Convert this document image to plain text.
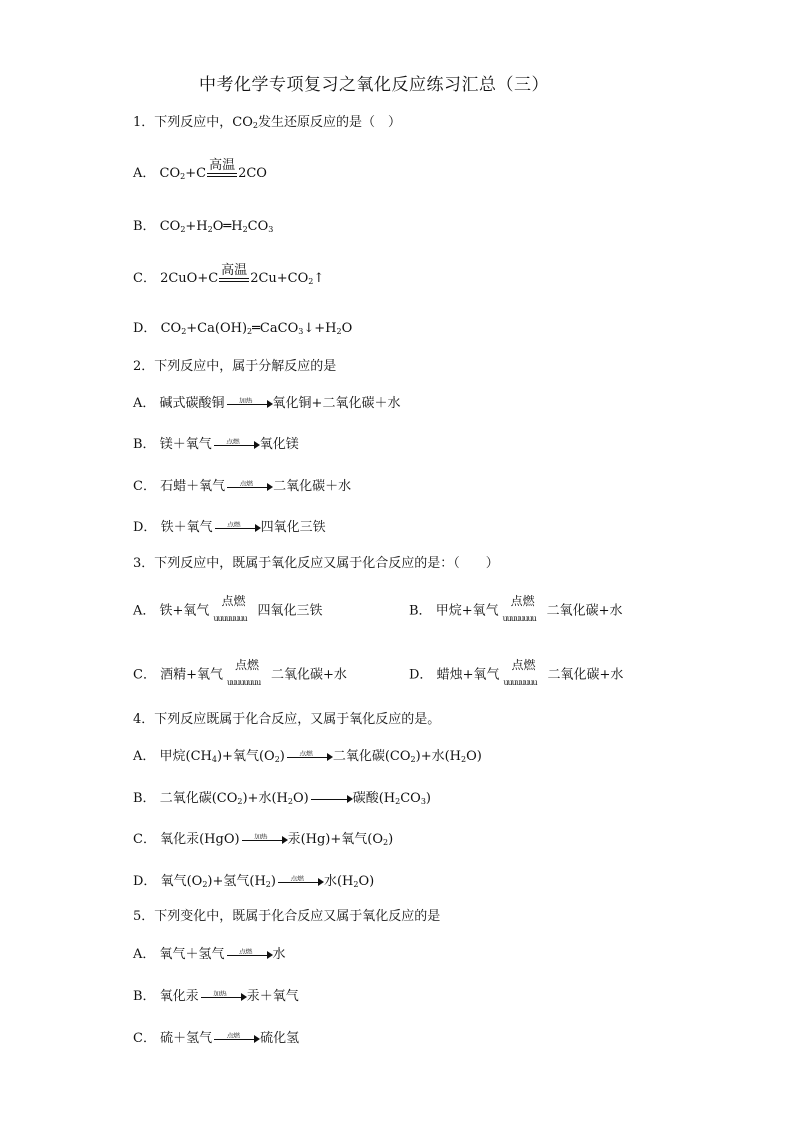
中考化学专项复习之氧化反应练习汇总（三）
1．下列反应中，$CO_2$发生还原反应的是（　）
A． $CO_2+C$
高温
2CO
B． $CO_2+H_2O═H_2CO_3$
C． 2CuO+C
高温
$2Cu+CO_2↑$
D． $CO_2+Ca(OH)_2═CaCO_3↓+H_2O$
2．下列反应中，属于分解反应的是
A． 碱式碳酸铜	加热	氧化铜+二氧化碳＋水
B． 镁＋氧气	点燃	氧化镁
C． 石蜡＋氧气	点燃	二氧化碳＋水
D． 铁＋氧气	点燃	四氧化三铁
3．下列反应中，既属于氧化反应又属于化合反应的是：（　　）
A． 铁+氧气
点燃
uuuuuuuu 四氧化三铁	B． 甲烷+氧气
点燃
uuuuuuuu 二氧化碳+水
C． 酒精+氧气
点燃
uuuuuuuu 二氧化碳+水	D． 蜡烛+氧气
点燃
uuuuuuuu 二氧化碳+水
4．下列反应既属于化合反应，又属于氧化反应的是。
A． 甲烷$(CH_4)+$氧气$(O_2)$	点燃	二氧化碳$(CO_2)+$水$(H_2O)$
B． 二氧化碳$(CO_2)+$水$(H_2O)$	碳酸$(H_2CO_3)$
C． 氧化汞(HgO)	加热	汞(Hg)+氧气$(O_2)$
D． 氧气$(O_2)+$氢气$(H_2)$	点燃	水$(H_2O)$
5．下列变化中，既属于化合反应又属于氧化反应的是
A． 氧气＋氢气	点燃	水
B． 氧化汞	加热	汞＋氧气
C． 硫＋氢气	点燃	硫化氢
